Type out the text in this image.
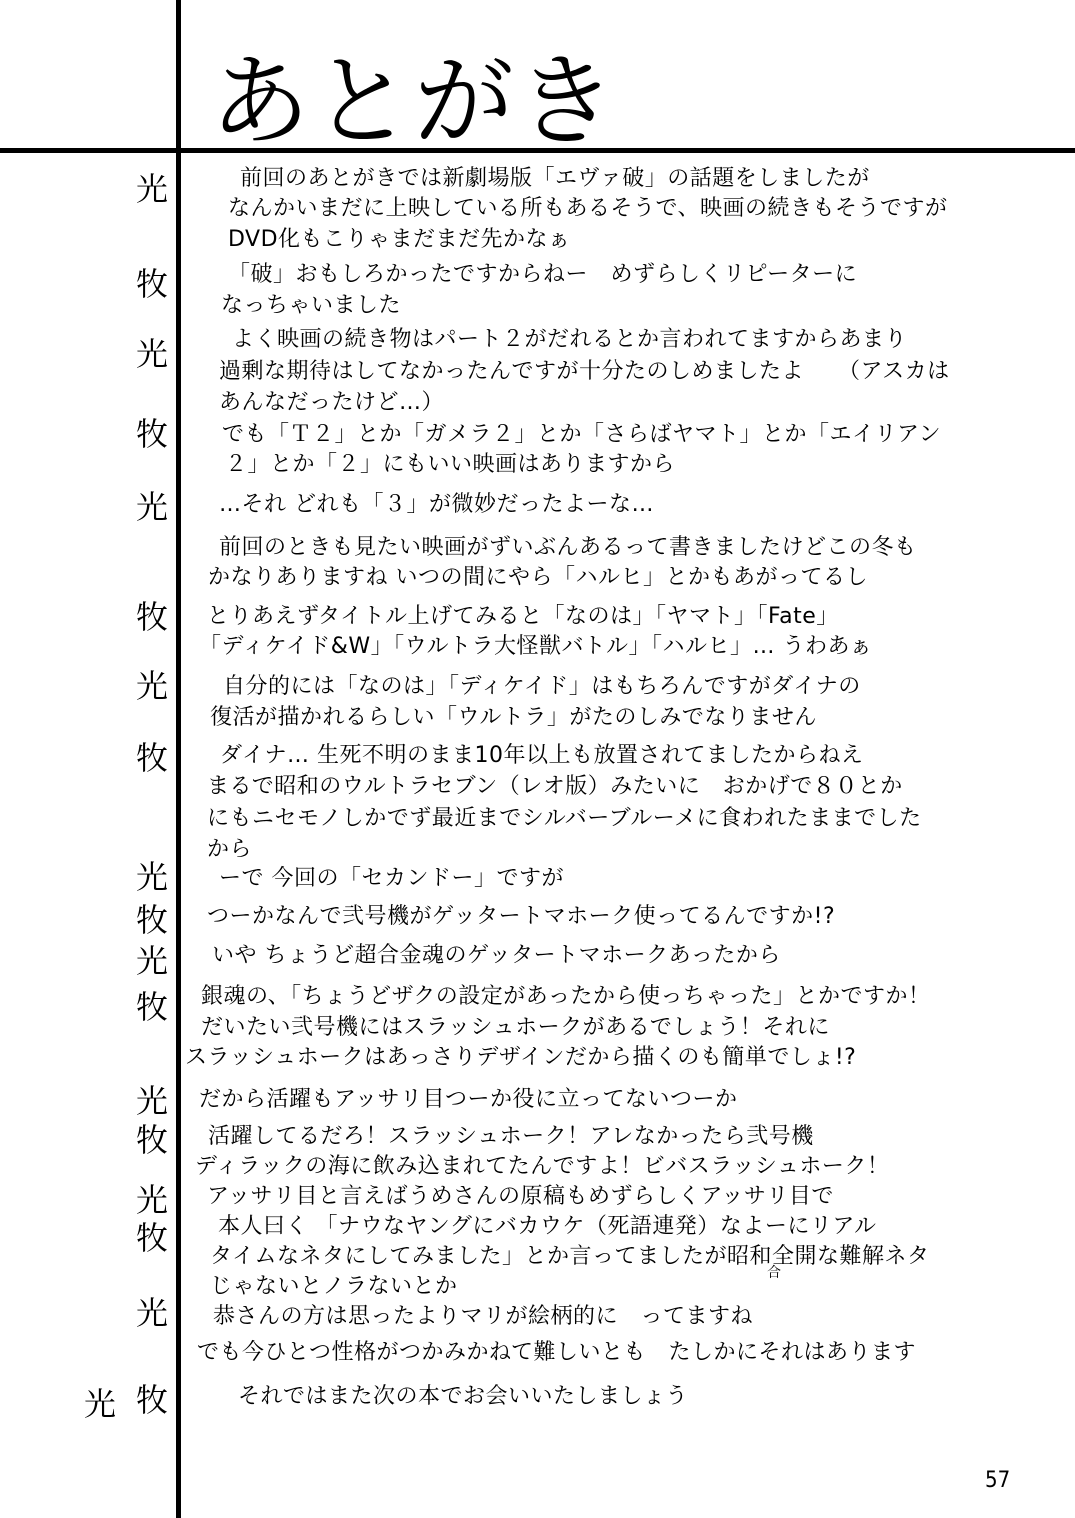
あとがき
光
牧
光
牧
光
牧
光
牧
光
牧
光
牧
光
牧
光
牧
光
光 牧
前回のあとがきでは新劇場版「エヴァ破」の話題をしましたが
なんかいまだに上映している所もあるそうで、映画の続きもそうですが
DVD化もこりゃまだまだ先かなぁ
「破」おもしろかったですからねー　めずらしくリピーターに
なっちゃいました
よく映画の続き物はパート２がだれるとか言われてますからあまり
過剰な期待はしてなかったんですが十分たのしめましたよ　　（アスカは
あんなだったけど…）
でも「Ｔ２」とか「ガメラ２」とか「さらばヤマト」とか「エイリアン
２」とか「２」にもいい映画はありますから
…それ どれも「３」が微妙だったよーな…
前回のときも見たい映画がずいぶんあるって書きましたけどこの冬も
かなりありますね いつの間にやら「ハルヒ」とかもあがってるし
とりあえずタイトル上げてみると「なのは」「ヤマト」「Fate」
「ディケイド&W」「ウルトラ大怪獣バトル」「ハルヒ」… うわあぁ
自分的には「なのは」「ディケイド」はもちろんですがダイナの
復活が描かれるらしい「ウルトラ」がたのしみでなりません
ダイナ… 生死不明のまま10年以上も放置されてましたからねえ
まるで昭和のウルトラセブン（レオ版）みたいに　おかげで８０とか
にもニセモノしかでず最近までシルバーブルーメに食われたままでした
から
ーで 今回の「セカンドー」ですが
つーかなんで弐号機がゲッタートマホーク使ってるんですか!?
いや ちょうど超合金魂のゲッタートマホークあったから
銀魂の、「ちょうどザクの設定があったから使っちゃった」とかですか！
だいたい弐号機にはスラッシュホークがあるでしょう！それに
スラッシュホークはあっさりデザインだから描くのも簡単でしょ!?
だから活躍もアッサリ目つーか役に立ってないつーか
活躍してるだろ！スラッシュホーク！アレなかったら弐号機
ディラックの海に飲み込まれてたんですよ！ビバスラッシュホーク！
アッサリ目と言えばうめさんの原稿もめずらしくアッサリ目で
本人曰く 「ナウなヤングにバカウケ（死語連発）なよーにリアル
タイムなネタにしてみました」とか言ってましたが昭和全開な難解ネタ
じゃないとノラないとか
恭さんの方は思ったよりマリが絵柄的に　ってますね
でも今ひとつ性格がつかみかねて難しいとも　たしかにそれはあります
それではまた次の本でお会いいたしましょう
合
57
